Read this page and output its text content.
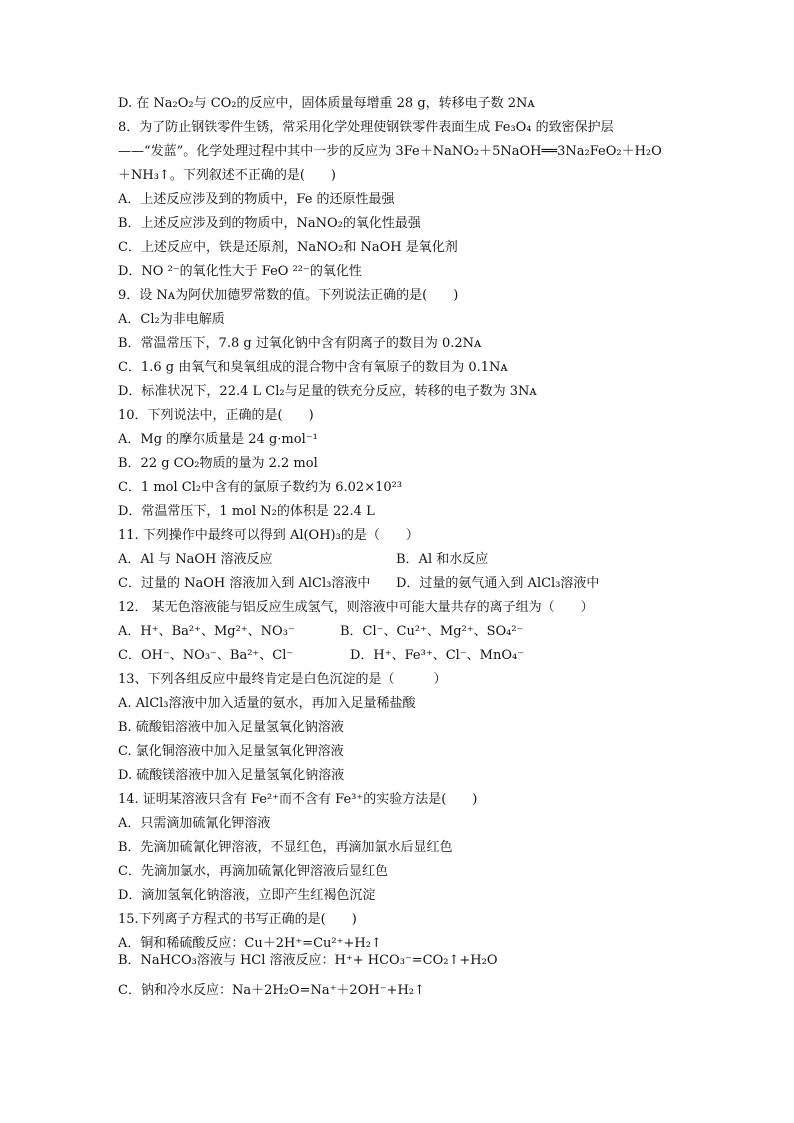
D. 在 Na₂O₂与 CO₂的反应中，固体质量每增重 28 g，转移电子数 2Nᴀ
8．为了防止钢铁零件生锈，常采用化学处理使钢铁零件表面生成 Fe₃O₄ 的致密保护层
——“发蓝”。化学处理过程中其中一步的反应为 3Fe＋NaNO₂＋5NaOH══3Na₂FeO₂＋H₂O
＋NH₃↑。下列叙述不正确的是(　　)
A．上述反应涉及到的物质中，Fe 的还原性最强
B．上述反应涉及到的物质中，NaNO₂的氧化性最强
C．上述反应中，铁是还原剂，NaNO₂和 NaOH 是氧化剂
D．NO ²⁻的氧化性大于 FeO ²²⁻的氧化性
9．设 Nᴀ为阿伏加德罗常数的值。下列说法正确的是(　　)
A．Cl₂为非电解质
B．常温常压下，7.8 g 过氧化钠中含有阴离子的数目为 0.2Nᴀ
C．1.6 g 由氧气和臭氧组成的混合物中含有氧原子的数目为 0.1Nᴀ
D．标准状况下，22.4 L Cl₂与足量的铁充分反应，转移的电子数为 3Nᴀ
10．下列说法中，正确的是(　　)
A．Mg 的摩尔质量是 24 g·mol⁻¹
B．22 g CO₂物质的量为 2.2 mol
C．1 mol Cl₂中含有的氯原子数约为 6.02×10²³
D．常温常压下，1 mol N₂的体积是 22.4 L
11. 下列操作中最终可以得到 Al(OH)₃的是（　　）
A．Al 与 NaOH 溶液反应	B．Al 和水反应
C．过量的 NaOH 溶液加入到 AlCl₃溶液中 D．过量的氨气通入到 AlCl₃溶液中
12． 某无色溶液能与铝反应生成氢气，则溶液中可能大量共存的离子组为（　　）
A．H⁺、Ba²⁺、Mg²⁺、NO₃⁻	B．Cl⁻、Cu²⁺、Mg²⁺、SO₄²⁻
C．OH⁻、NO₃⁻、Ba²⁺、Cl⁻	D．H⁺、Fe³⁺、Cl⁻、MnO₄⁻
13、下列各组反应中最终肯定是白色沉淀的是（　　　）
A. AlCl₃溶液中加入适量的氨水，再加入足量稀盐酸
B. 硫酸铝溶液中加入足量氢氧化钠溶液
C. 氯化铜溶液中加入足量氢氧化钾溶液
D. 硫酸镁溶液中加入足量氢氧化钠溶液
14. 证明某溶液只含有 Fe²⁺而不含有 Fe³⁺的实验方法是(　　)
A．只需滴加硫氰化钾溶液
B．先滴加硫氰化钾溶液，不显红色，再滴加氯水后显红色
C．先滴加氯水，再滴加硫氰化钾溶液后显红色
D．滴加氢氧化钠溶液，立即产生红褐色沉淀
15.下列离子方程式的书写正确的是(　　)
A．铜和稀硫酸反应：Cu＋2H⁺=Cu²⁺+H₂↑
B．NaHCO₃溶液与 HCl 溶液反应：H⁺+ HCO₃⁻=CO₂↑+H₂O
C．钠和冷水反应：Na＋2H₂O=Na⁺＋2OH⁻+H₂↑
